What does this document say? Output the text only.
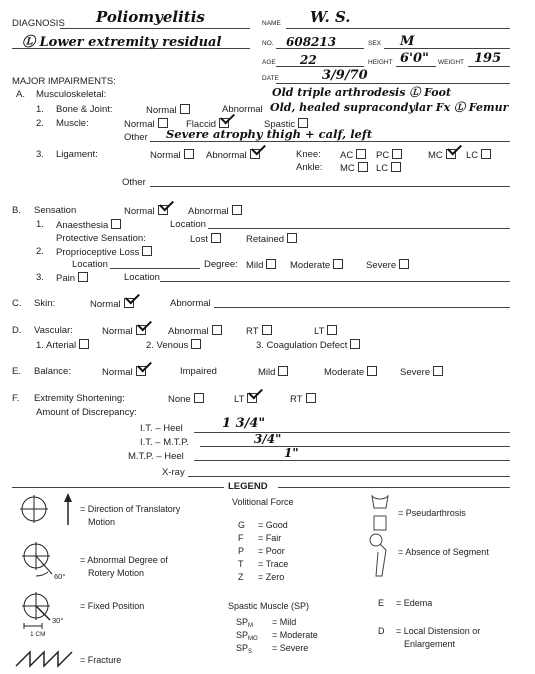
DIAGNOSIS Poliomyelitis
Ⓛ Lower extremity residual
NAME W. S.
NO. 608213	SEX M
AGE 22	HEIGHT 6'0" WEIGHT 195
DATE	3/9/70
MAJOR IMPAIRMENTS:
A. Musculoskeletal:	Old triple arthrodesis Ⓛ Foot
1. Bone & Joint:	Normal	Abnormal Old, healed supracondylar Fx Ⓛ Femur
2. Muscle:	Normal	Flaccid	Spastic
Other Severe atrophy thigh + calf, left
3. Ligament:	Normal	Abnormal	Knee: AC	PC	MC	LC
Ankle: MC	LC
Other
B. Sensation	Normal	Abnormal
1. Anaesthesia	Location
Protective Sensation:	Lost	Retained
2. Proprioceptive Loss
Location	Degree: Mild	Moderate	Severe
3. Pain	Location
C. Skin:	Normal	Abnormal
D. Vascular:	Normal	Abnormal	RT	LT
1. Arterial	2. Venous	3. Coagulation Defect
E. Balance:	Normal	Impaired	Mild	Moderate	Severe
F. Extremity Shortening:	None	LT	RT
Amount of Discrepancy:
I.T. – Heel	1 3/4"
I.T. – M.T.P.	3/4"
M.T.P. – Heel	1"
X-ray
LEGEND
= Direction of Translatory
Motion
60°
= Abnormal Degree of
Rotery Motion
30°
1 CM
= Fixed Position
= Fracture
Volitional Force
G = Good
F = Fair
P = Poor
T = Trace
Z = Zero
Spastic Muscle (SP)
$SP_M$ = Mild
$SP_{MO}$ = Moderate
$SP_S$ = Severe
= Pseudarthrosis
= Absence of Segment
E = Edema
D = Local Distension or
Enlargement
